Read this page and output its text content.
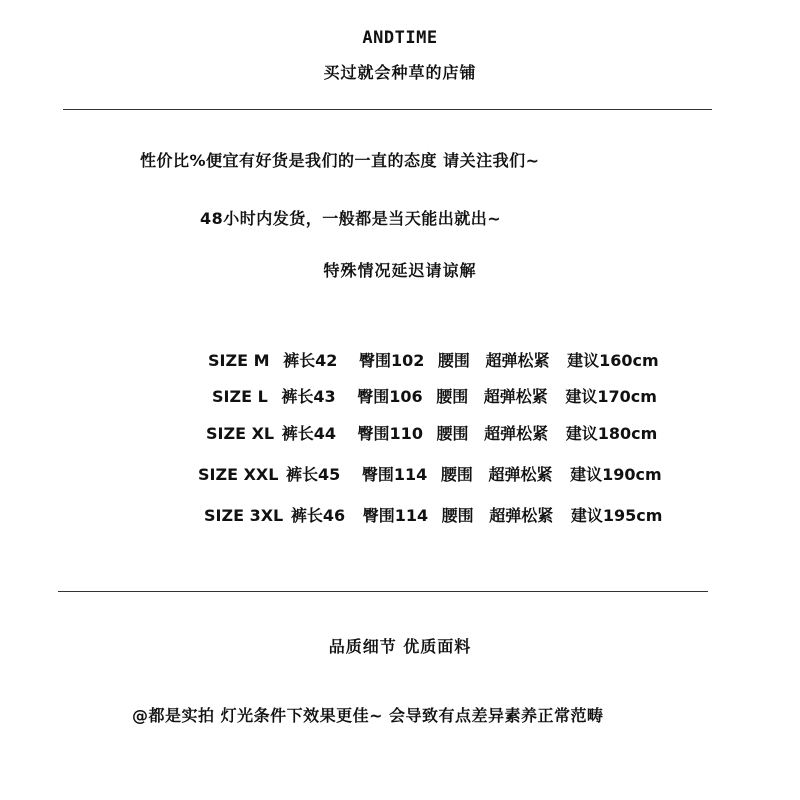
ANDTIME
买过就会种草的店铺
性价比%便宜有好货是我们的一直的态度 请关注我们~
48小时内发货，一般都是当天能出就出~
特殊情况延迟请谅解
SIZE M 裤长42 臀围102 腰围 超弹松紧 建议160cm
SIZE L 裤长43 臀围106 腰围 超弹松紧 建议170cm
SIZE XL 裤长44 臀围110 腰围 超弹松紧 建议180cm
SIZE XXL 裤长45 臀围114 腰围 超弹松紧 建议190cm
SIZE 3XL 裤长46 臀围114 腰围 超弹松紧 建议195cm
品质细节 优质面料
@都是实拍 灯光条件下效果更佳~ 会导致有点差异素养正常范畴
